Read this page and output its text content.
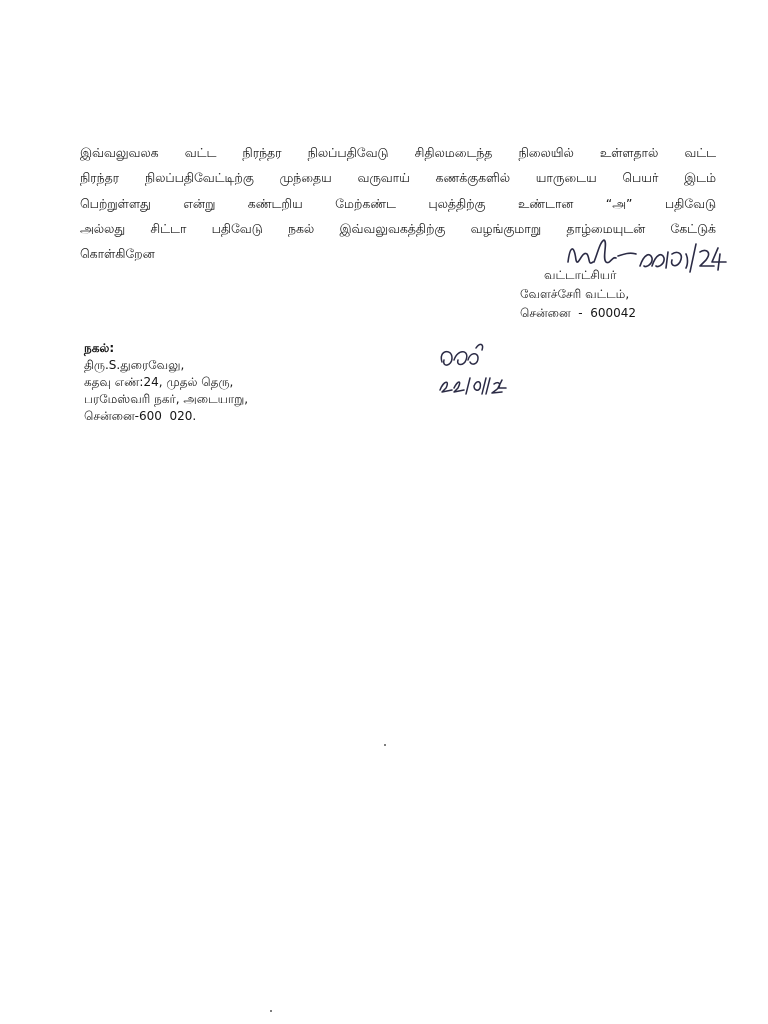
இவ்வலுவலக வட்ட நிரந்தர நிலப்பதிவேடு சிதிலமடைந்த நிலையில் உள்ளதால் வட்ட
நிரந்தர நிலப்பதிவேட்டிற்கு முந்தைய வருவாய் கணக்குகளில் யாருடைய பெயர் இடம்
பெற்றுள்ளது என்று கண்டறிய மேற்கண்ட புலத்திற்கு உண்டான “அ” பதிவேடு
அல்லது சிட்டா பதிவேடு நகல் இவ்வலுவகத்திற்கு வழங்குமாறு தாழ்மையுடன் கேட்டுக்
கொள்கிறேன
வட்டாட்சியர்
வேளச்சேரி வட்டம்,
சென்னை  -  600042
நகல்:
திரு.S.துரைவேலு,
கதவு எண்:24, முதல் தெரு,
பரமேஸ்வரி நகர், அடையாறு,
சென்னை-600  020.
